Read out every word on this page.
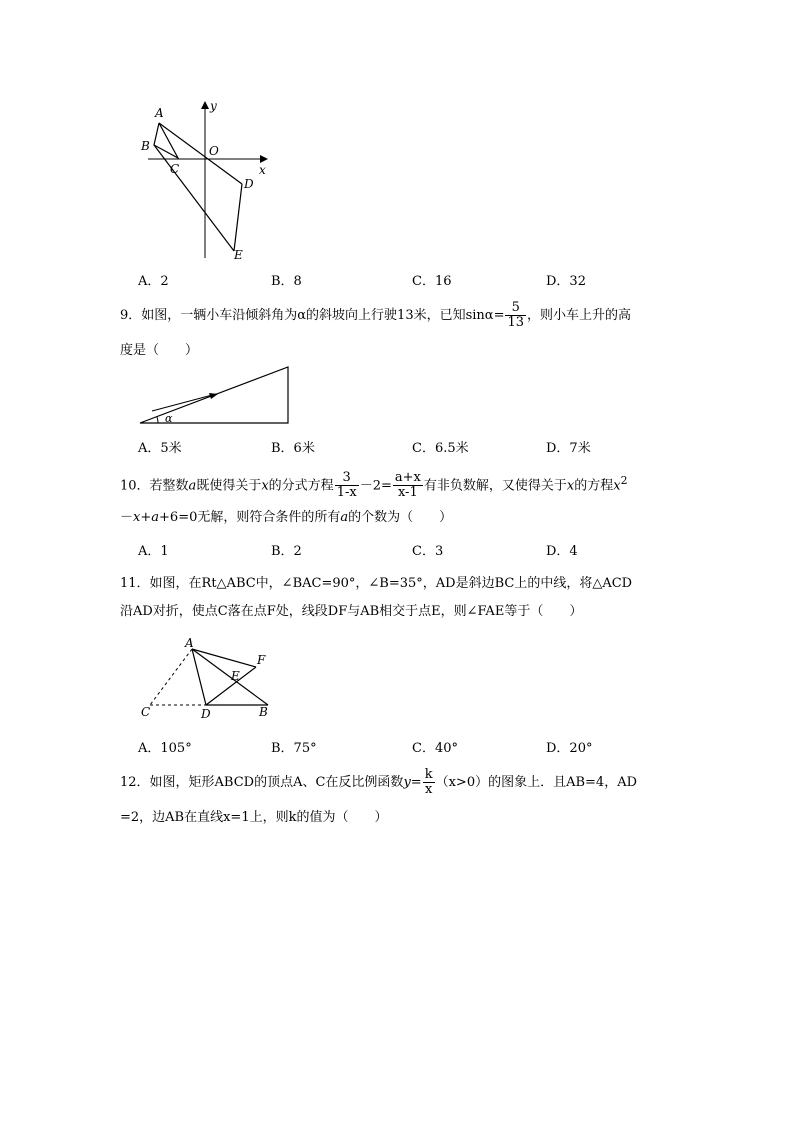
A
B
C
O
D
E
x
y
A．2	B．8	C．16	D．32
9．如图，一辆小车沿倾斜角为α的斜坡向上行驶13米，已知$\sin\alpha= \frac{5}{13}$ ，则小车上升的高
度是（　　）
α
A．5米	B．6米	C．6.5米	D．7米
10．若整数a既使得关于x的分式方程 $\frac{3}{1-x} -2= \frac{a+x}{x-1}$ 有非负数解，又使得关于x的方程$x^2$
－x+a+6=0无解，则符合条件的所有a的个数为（　　）
A．1	B．2	C．3	D．4
11．如图，在Rt△ABC中，∠BAC=90°，∠B=35°，AD是斜边BC上的中线，将△ACD
沿AD对折，使点C落在点F处，线段DF与AB相交于点E，则∠FAE等于（　　）
A
F
E
C	D	B
A．105°	B．75°	C．40°	D．20°
12．如图，矩形ABCD的顶点A、C在反比例函数$y= \frac{k}{x} (x>0)$的图象上．且AB=4，AD
=2，边AB在直线x=1上，则k的值为（　　）
